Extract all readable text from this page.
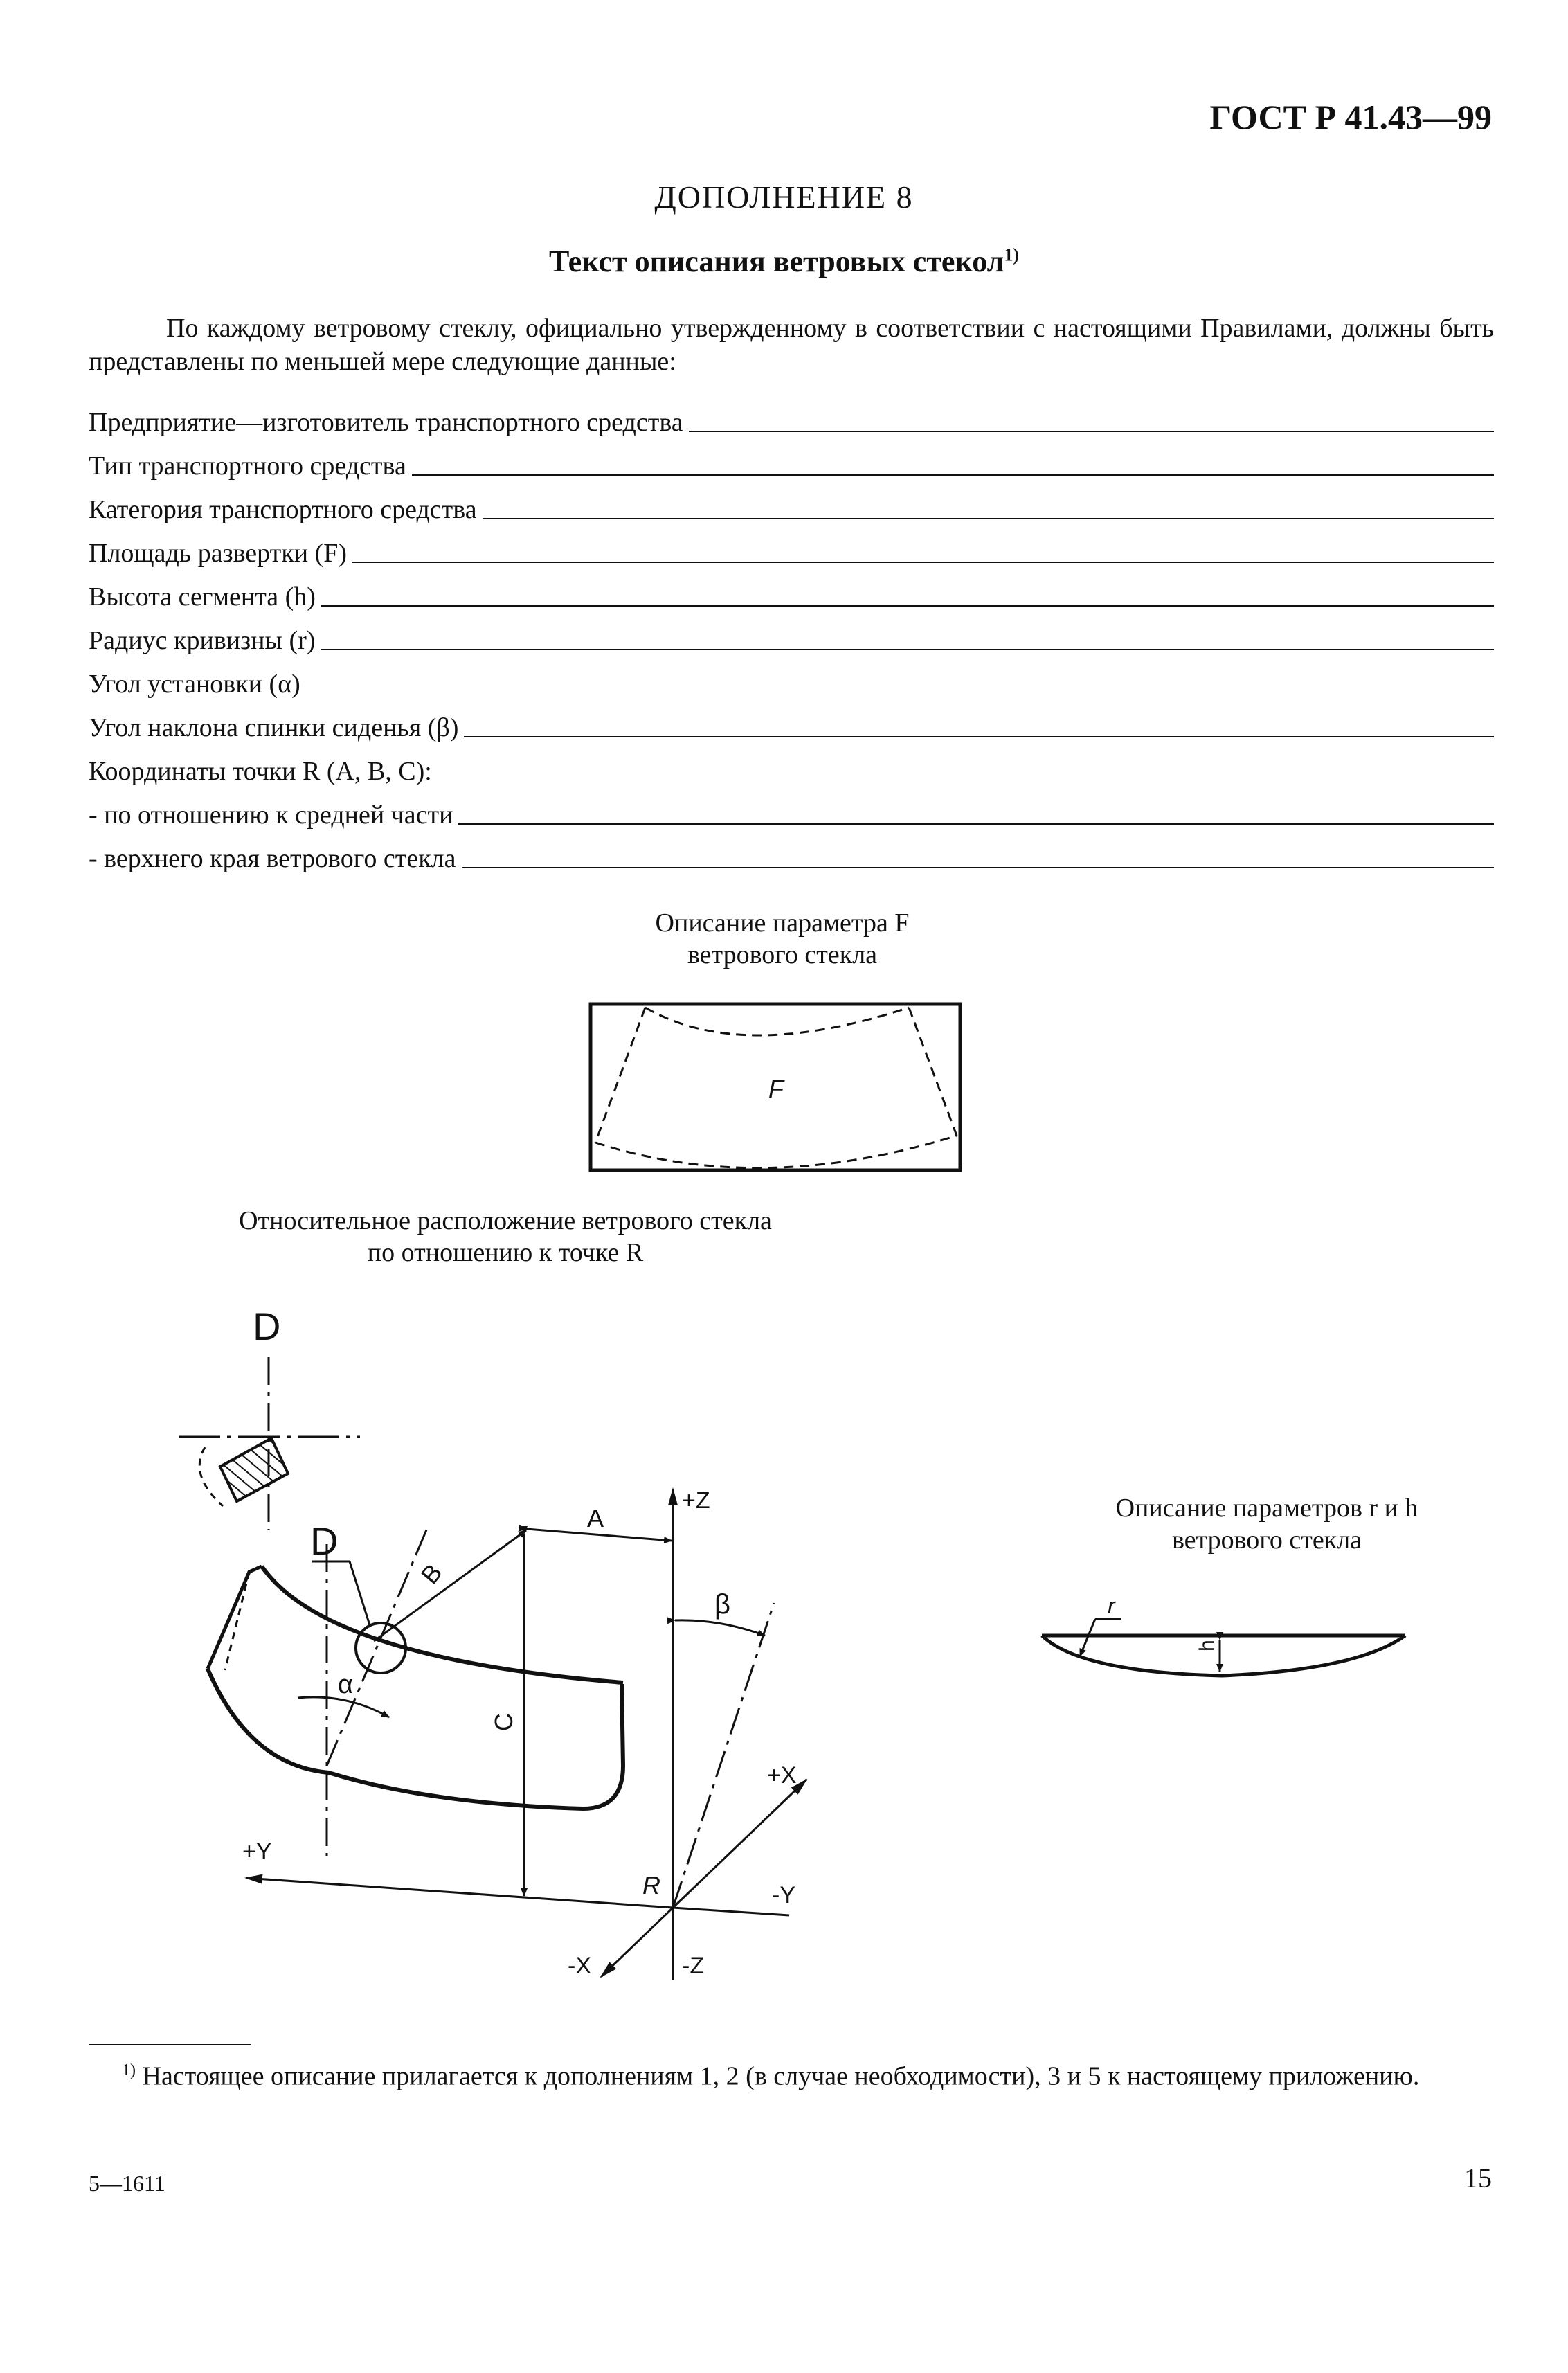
ГОСТ Р 41.43—99
ДОПОЛНЕНИЕ 8
Текст описания ветровых стекол$^{1)}$
По каждому ветровому стеклу, официально утвержденному в соответствии с настоящими Правилами, должны быть представлены по меньшей мере следующие данные:
Предприятие—изготовитель транспортного средства
Тип транспортного средства
Категория транспортного средства
Площадь развертки (F)
Высота сегмента (h)
Радиус кривизны (r)
Угол установки (α)
Угол наклона спинки сиденья (β)
Координаты точки R (A, B, C):
- по отношению к средней части
- верхнего края ветрового стекла
Описание параметра F
ветрового стекла
Относительное расположение ветрового стекла
по отношению к точке R
Описание параметров r и h
ветрового стекла
F
D
D
α
B
A
C
+Z
-Z
β
+X
-X
+Y
-Y
R
h
r
$^{1)}$ Настоящее описание прилагается к дополнениям 1, 2 (в случае необходимости), 3 и 5 к настоящему приложению.
5—1611	15
